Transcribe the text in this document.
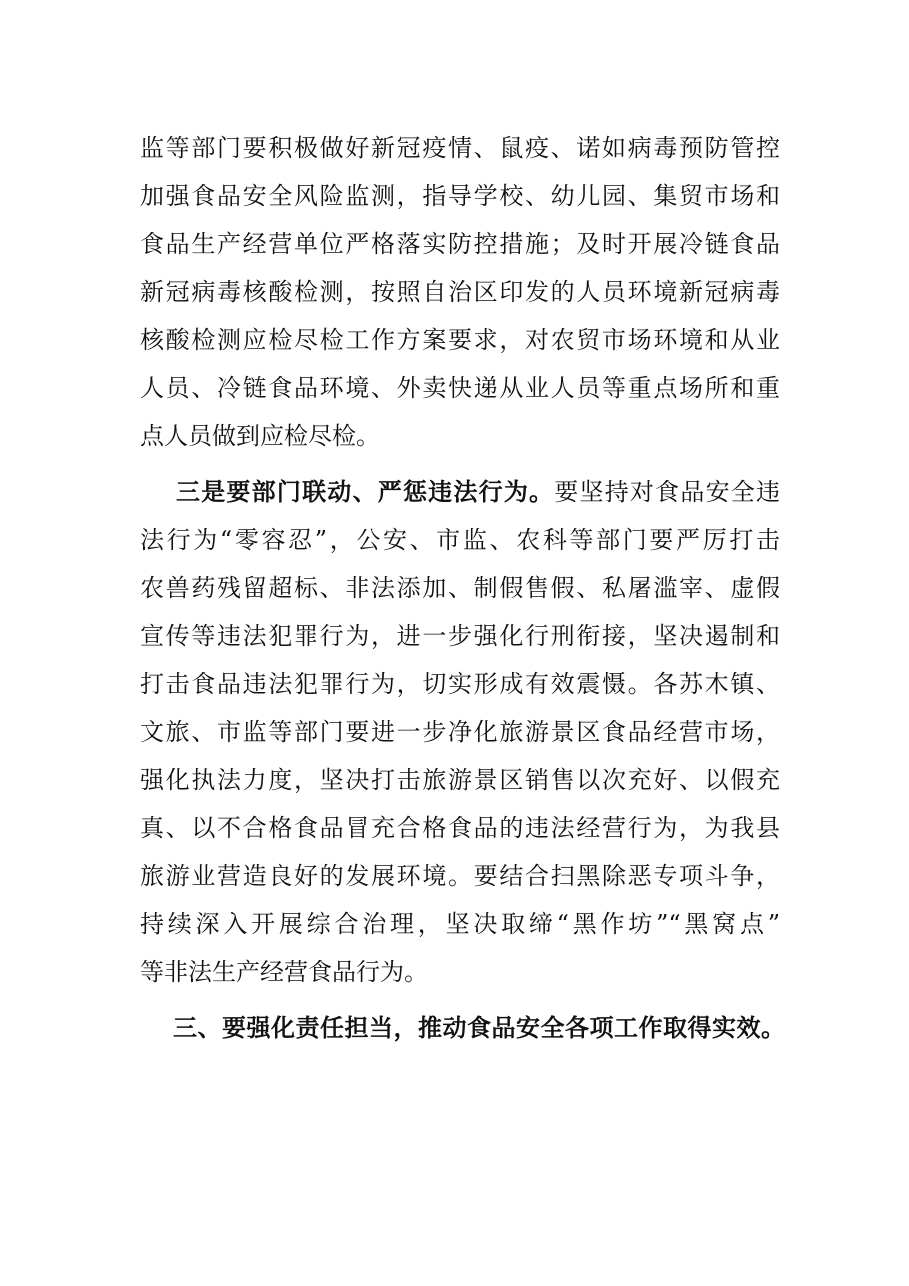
监等部门要积极做好新冠疫情、鼠疫、诺如病毒预防管控
加强食品安全风险监测，指导学校、幼儿园、集贸市场和
食品生产经营单位严格落实防控措施；及时开展冷链食品
新冠病毒核酸检测，按照自治区印发的人员环境新冠病毒
核酸检测应检尽检工作方案要求，对农贸市场环境和从业
人员、冷链食品环境、外卖快递从业人员等重点场所和重
点人员做到应检尽检。
三是要部门联动、严惩违法行为。要坚持对食品安全违
法行为“零容忍”，公安、市监、农科等部门要严厉打击
农兽药残留超标、非法添加、制假售假、私屠滥宰、虚假
宣传等违法犯罪行为，进一步强化行刑衔接，坚决遏制和
打击食品违法犯罪行为，切实形成有效震慑。各苏木镇、
文旅、市监等部门要进一步净化旅游景区食品经营市场，
强化执法力度，坚决打击旅游景区销售以次充好、以假充
真、以不合格食品冒充合格食品的违法经营行为，为我县
旅游业营造良好的发展环境。要结合扫黑除恶专项斗争，
持续深入开展综合治理，坚决取缔“黑作坊”“黑窝点”
等非法生产经营食品行为。
三、要强化责任担当，推动食品安全各项工作取得实效。
